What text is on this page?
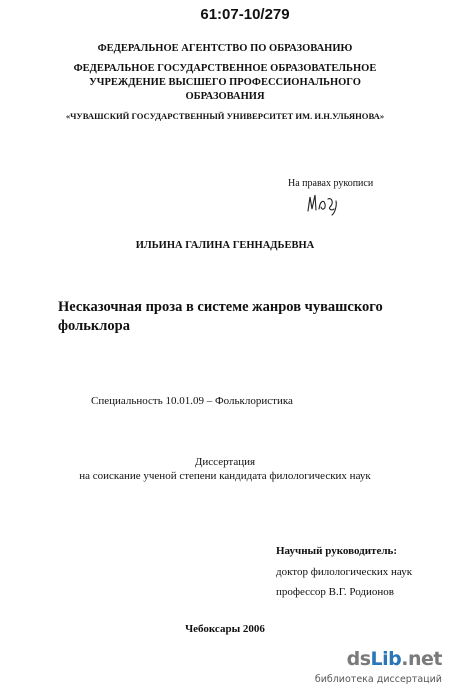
61:07-10/279
ФЕДЕРАЛЬНОЕ АГЕНТСТВО ПО ОБРАЗОВАНИЮ
ФЕДЕРАЛЬНОЕ ГОСУДАРСТВЕННОЕ ОБРАЗОВАТЕЛЬНОЕ
УЧРЕЖДЕНИЕ ВЫСШЕГО ПРОФЕССИОНАЛЬНОГО
ОБРАЗОВАНИЯ
«ЧУВАШСКИЙ ГОСУДАРСТВЕННЫЙ УНИВЕРСИТЕТ ИМ. И.Н.УЛЬЯНОВА»
На правах рукописи
ИЛЬИНА ГАЛИНА ГЕННАДЬЕВНА
Несказочная проза в системе жанров чувашского
фольклора
Специальность 10.01.09 – Фольклористика
Диссертация
на соискание ученой степени кандидата филологических наук
Научный руководитель:
доктор филологических наук
профессор В.Г. Родионов
Чебоксары 2006
dsLib.net
библиотека диссертаций
